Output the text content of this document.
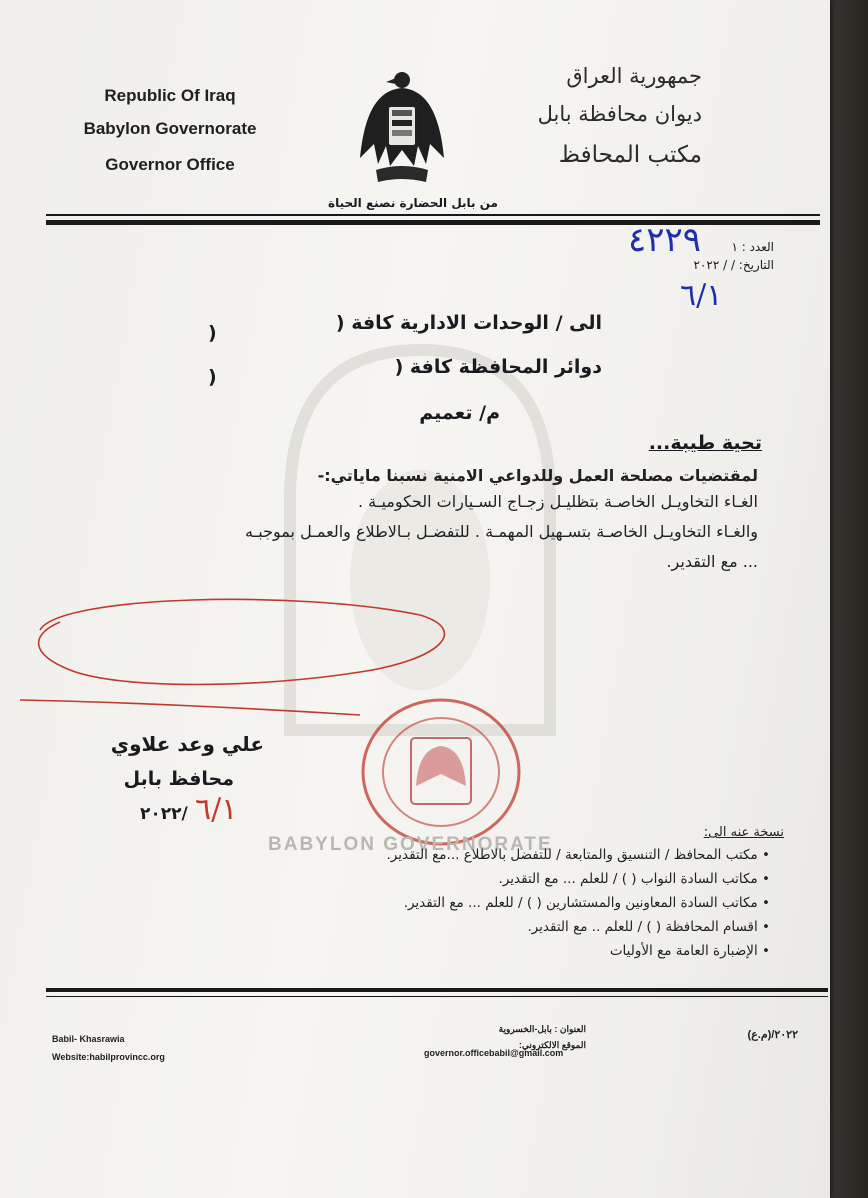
Republic Of Iraq
Babylon Governorate
Governor Office
جمهورية العراق
ديوان محافظة بابل
مكتب المحافظ
من بابل الحضارة نصنع الحياة
العدد : ١
٤٢٢٩
التاريخ: / / ٢٠٢٢
٦/١
الى / الوحدات الادارية كافة (
)
دوائر المحافظة كافة (
)
م/ تعميم
تحية طيبة...
لمقتضيات مصلحة العمل وللدواعي الامنية نسبنا ماياتي:-
الغـاء التخاويـل الخاصـة بتظليـل زجـاج السـيارات الحكوميـة .
والغـاء التخاويـل الخاصـة بتسـهيل المهمـة . للتفضـل بـالاطلاع والعمـل بموجبـه
... مع التقدير.
علي وعد علاوي
محافظ بابل
٢٠٢٢/ ٦/١
BABYLON GOVERNORATE
نسخة عنه الى:
• مكتب المحافظ / التنسيق والمتابعة / للتفضل بالاطلاع ...مع التقدير.
• مكاتب السادة النواب ( ) / للعلم ... مع التقدير.
• مكاتب السادة المعاونين والمستشارين ( ) / للعلم ... مع التقدير.
• اقسام المحافظة ( ) / للعلم .. مع التقدير.
• الإضبارة العامة مع الأوليات
Babil- Khasrawia
Website:habilprovincc.org
العنوان : بابل-الخسروية
الموقع الالكتروني:
governor.officebabil@gmail.com
٢٠٢٢/(م.ع)
